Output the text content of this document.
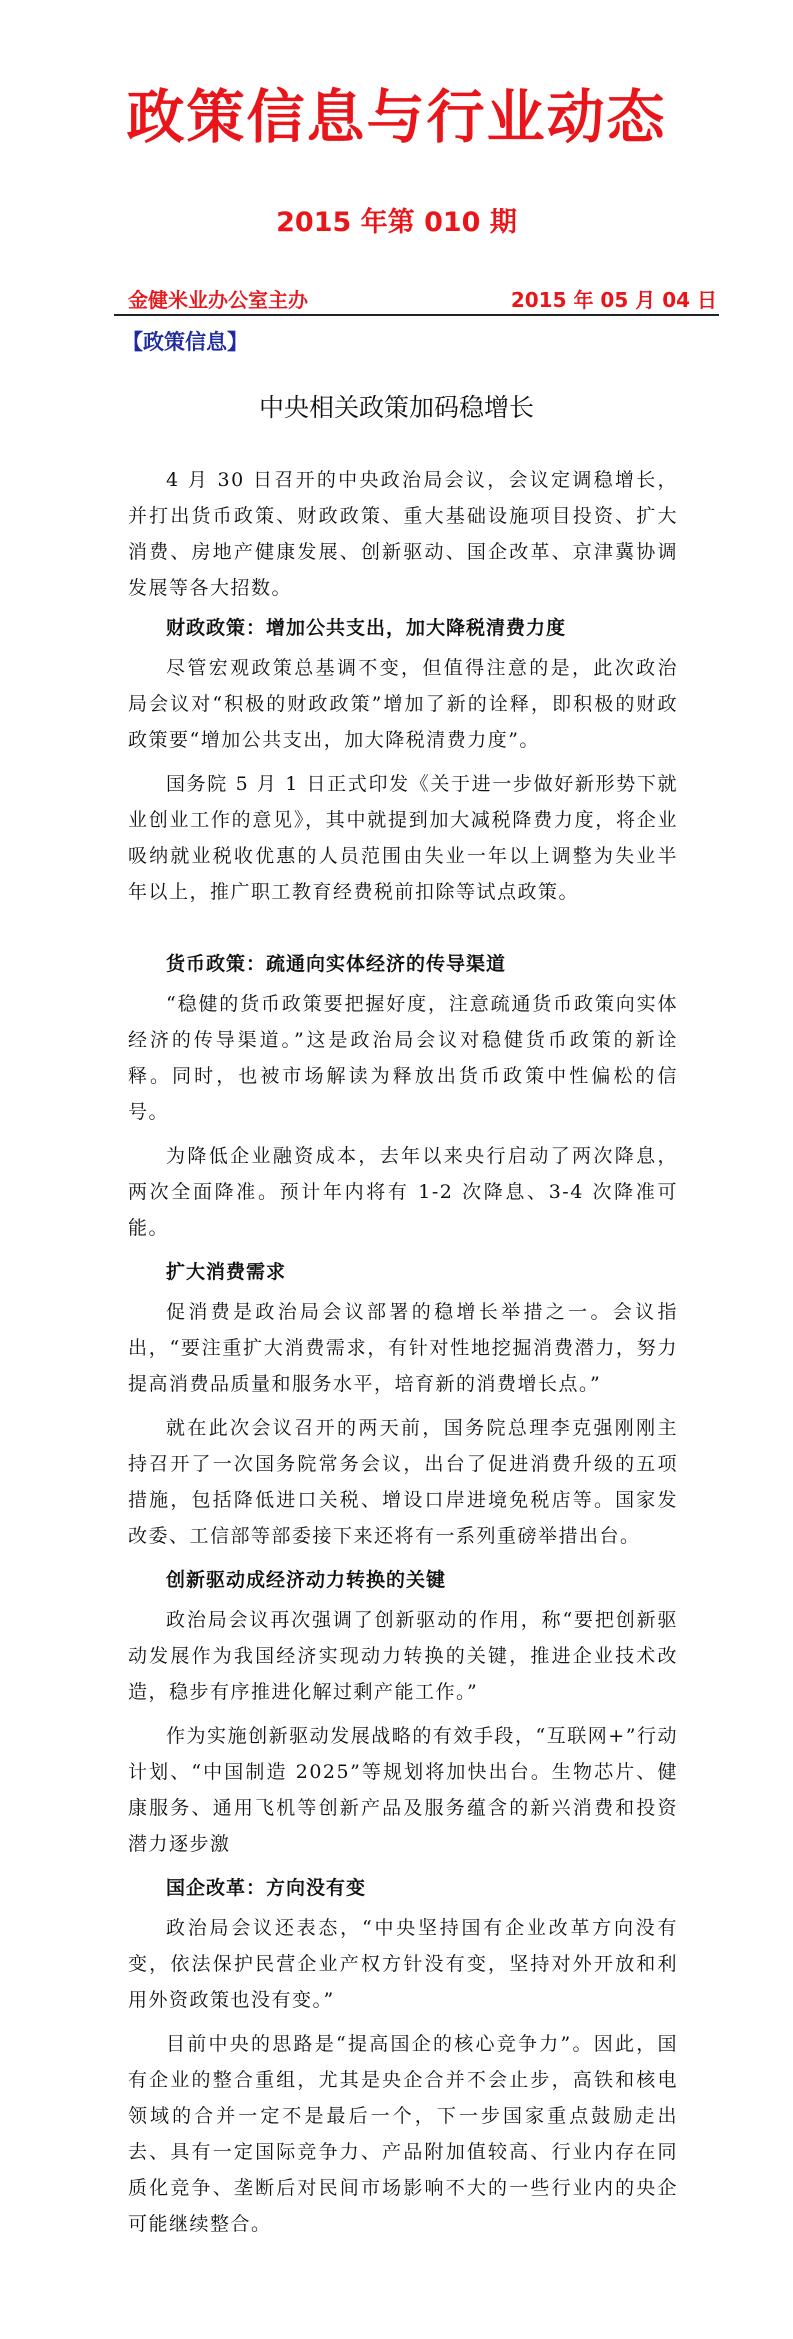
政策信息与行业动态
2015 年第 010 期
金健米业办公室主办	2015 年 05 月 04 日
【政策信息】
中央相关政策加码稳增长

4 月 30 日召开的中央政治局会议，会议定调稳增长，并打出货币政策、财政政策、重大基础设施项目投资、扩大消费、房地产健康发展、创新驱动、国企改革、京津冀协调发展等各大招数。

财政政策：增加公共支出，加大降税清费力度

尽管宏观政策总基调不变，但值得注意的是，此次政治局会议对“积极的财政政策”增加了新的诠释，即积极的财政政策要“增加公共支出，加大降税清费力度”。

国务院 5 月 1 日正式印发《关于进一步做好新形势下就业创业工作的意见》，其中就提到加大减税降费力度，将企业吸纳就业税收优惠的人员范围由失业一年以上调整为失业半年以上，推广职工教育经费税前扣除等试点政策。

货币政策：疏通向实体经济的传导渠道

“稳健的货币政策要把握好度，注意疏通货币政策向实体经济的传导渠道。”这是政治局会议对稳健货币政策的新诠释。同时，也被市场解读为释放出货币政策中性偏松的信号。

为降低企业融资成本，去年以来央行启动了两次降息，两次全面降准。预计年内将有 1-2 次降息、3-4 次降准可能。

扩大消费需求

促消费是政治局会议部署的稳增长举措之一。会议指出，“要注重扩大消费需求，有针对性地挖掘消费潜力，努力提高消费品质量和服务水平，培育新的消费增长点。”

就在此次会议召开的两天前，国务院总理李克强刚刚主持召开了一次国务院常务会议，出台了促进消费升级的五项措施，包括降低进口关税、增设口岸进境免税店等。国家发改委、工信部等部委接下来还将有一系列重磅举措出台。

创新驱动成经济动力转换的关键

政治局会议再次强调了创新驱动的作用，称“要把创新驱动发展作为我国经济实现动力转换的关键，推进企业技术改造，稳步有序推进化解过剩产能工作。”

作为实施创新驱动发展战略的有效手段，“互联网+”行动计划、“中国制造 2025”等规划将加快出台。生物芯片、健康服务、通用飞机等创新产品及服务蕴含的新兴消费和投资潜力逐步激

国企改革：方向没有变

政治局会议还表态，“中央坚持国有企业改革方向没有变，依法保护民营企业产权方针没有变，坚持对外开放和利用外资政策也没有变。”

目前中央的思路是“提高国企的核心竞争力”。因此，国有企业的整合重组，尤其是央企合并不会止步，高铁和核电领域的合并一定不是最后一个，下一步国家重点鼓励走出去、具有一定国际竞争力、产品附加值较高、行业内存在同质化竞争、垄断后对民间市场影响不大的一些行业内的央企可能继续整合。
